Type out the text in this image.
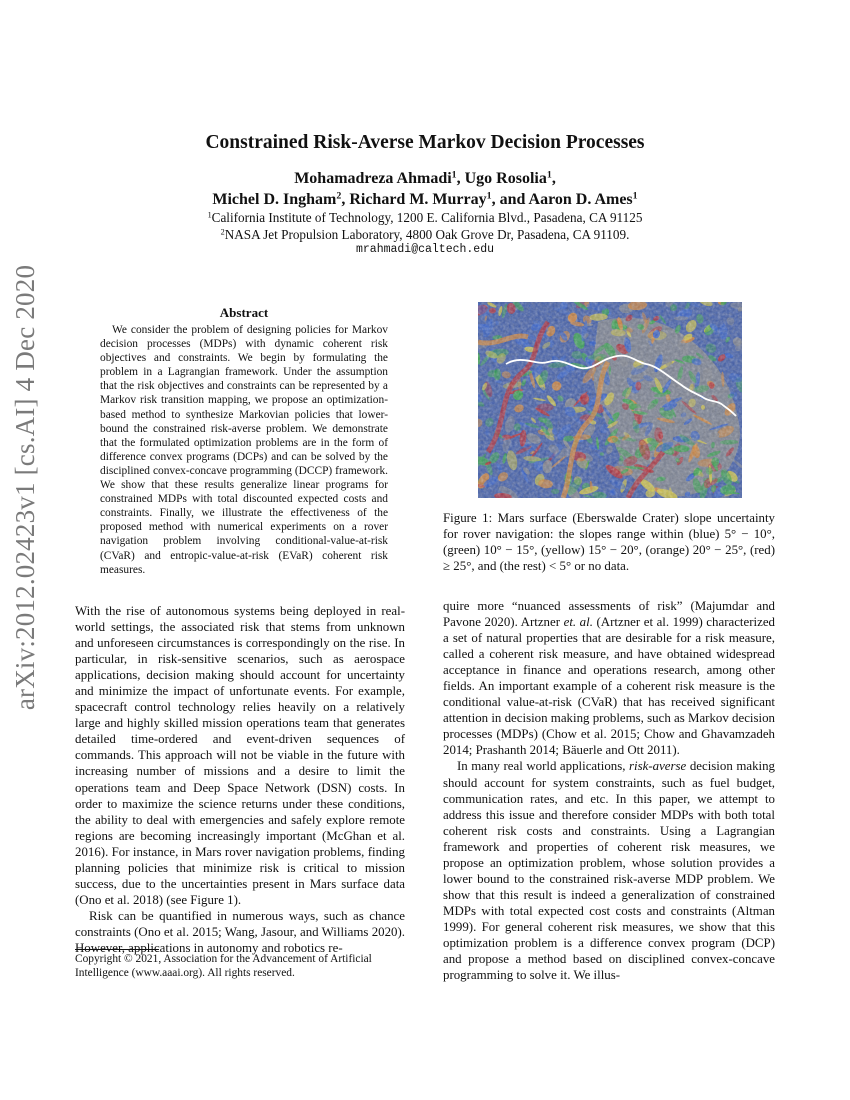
arXiv:2012.02423v1 [cs.AI] 4 Dec 2020
Constrained Risk-Averse Markov Decision Processes
Mohamadreza Ahmadi$^1$, Ugo Rosolia$^1$,
Michel D. Ingham$^2$, Richard M. Murray$^1$, and Aaron D. Ames$^1$
$^1$California Institute of Technology, 1200 E. California Blvd., Pasadena, CA 91125
$^2$NASA Jet Propulsion Laboratory, 4800 Oak Grove Dr, Pasadena, CA 91109.
mrahmadi@caltech.edu
Abstract
We consider the problem of designing policies for Markov decision processes (MDPs) with dynamic coherent risk objectives and constraints. We begin by formulating the problem in a Lagrangian framework. Under the assumption that the risk objectives and constraints can be represented by a Markov risk transition mapping, we propose an optimization-based method to synthesize Markovian policies that lower-bound the constrained risk-averse problem. We demonstrate that the formulated optimization problems are in the form of difference convex programs (DCPs) and can be solved by the disciplined convex-concave programming (DCCP) framework. We show that these results generalize linear programs for constrained MDPs with total discounted expected costs and constraints. Finally, we illustrate the effectiveness of the proposed method with numerical experiments on a rover navigation problem involving conditional-value-at-risk (CVaR) and entropic-value-at-risk (EVaR) coherent risk measures.

With the rise of autonomous systems being deployed in real-world settings, the associated risk that stems from unknown and unforeseen circumstances is correspondingly on the rise. In particular, in risk-sensitive scenarios, such as aerospace applications, decision making should account for uncertainty and minimize the impact of unfortunate events. For example, spacecraft control technology relies heavily on a relatively large and highly skilled mission operations team that generates detailed time-ordered and event-driven sequences of commands. This approach will not be viable in the future with increasing number of missions and a desire to limit the operations team and Deep Space Network (DSN) costs. In order to maximize the science returns under these conditions, the ability to deal with emergencies and safely explore remote regions are becoming increasingly important (McGhan et al. 2016). For instance, in Mars rover navigation problems, finding planning policies that minimize risk is critical to mission success, due to the uncertainties present in Mars surface data (Ono et al. 2018) (see Figure 1).

Risk can be quantified in numerous ways, such as chance constraints (Ono et al. 2015; Wang, Jasour, and Williams 2020). However, applications in autonomy and robotics re-

Copyright © 2021, Association for the Advancement of Artificial Intelligence (www.aaai.org). All rights reserved.
Figure 1: Mars surface (Eberswalde Crater) slope uncertainty for rover navigation: the slopes range within (blue) 5° − 10°, (green) 10° − 15°, (yellow) 15° − 20°, (orange) 20° − 25°, (red) ≥ 25°, and (the rest) < 5° or no data.

quire more “nuanced assessments of risk” (Majumdar and Pavone 2020). Artzner et. al. (Artzner et al. 1999) characterized a set of natural properties that are desirable for a risk measure, called a coherent risk measure, and have obtained widespread acceptance in finance and operations research, among other fields. An important example of a coherent risk measure is the conditional value-at-risk (CVaR) that has received significant attention in decision making problems, such as Markov decision processes (MDPs) (Chow et al. 2015; Chow and Ghavamzadeh 2014; Prashanth 2014; Bäuerle and Ott 2011).

In many real world applications, risk-averse decision making should account for system constraints, such as fuel budget, communication rates, and etc. In this paper, we attempt to address this issue and therefore consider MDPs with both total coherent risk costs and constraints. Using a Lagrangian framework and properties of coherent risk measures, we propose an optimization problem, whose solution provides a lower bound to the constrained risk-averse MDP problem. We show that this result is indeed a generalization of constrained MDPs with total expected cost costs and constraints (Altman 1999). For general coherent risk measures, we show that this optimization problem is a difference convex program (DCP) and propose a method based on disciplined convex-concave programming to solve it. We illus-
